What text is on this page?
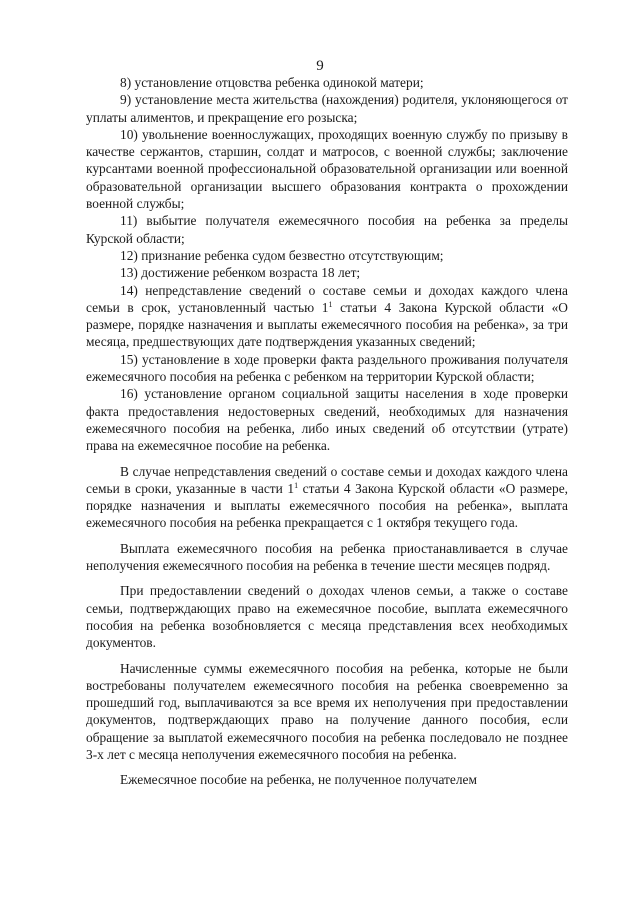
9

8) установление отцовства ребенка одинокой матери;

9) установление места жительства (нахождения) родителя, уклоняющегося от уплаты алиментов, и прекращение его розыска;

10) увольнение военнослужащих, проходящих военную службу по призыву в качестве сержантов, старшин, солдат и матросов, с военной службы; заключение курсантами военной профессиональной образовательной организации или военной образовательной организации высшего образования контракта о прохождении военной службы;

11) выбытие получателя ежемесячного пособия на ребенка за пределы Курской области;

12) признание ребенка судом безвестно отсутствующим;

13) достижение ребенком возраста 18 лет;

14) непредставление сведений о составе семьи и доходах каждого члена семьи в срок, установленный частью $1^1$ статьи 4 Закона Курской области «О размере, порядке назначения и выплаты ежемесячного пособия на ребенка», за три месяца, предшествующих дате подтверждения указанных сведений;

15) установление в ходе проверки факта раздельного проживания получателя ежемесячного пособия на ребенка с ребенком на территории Курской области;

16) установление органом социальной защиты населения в ходе проверки факта предоставления недостоверных сведений, необходимых для назначения ежемесячного пособия на ребенка, либо иных сведений об отсутствии (утрате) права на ежемесячное пособие на ребенка.

В случае непредставления сведений о составе семьи и доходах каждого члена семьи в сроки, указанные в части $1^1$ статьи 4 Закона Курской области «О размере, порядке назначения и выплаты ежемесячного пособия на ребенка», выплата ежемесячного пособия на ребенка прекращается с 1 октября текущего года.

Выплата ежемесячного пособия на ребенка приостанавливается в случае неполучения ежемесячного пособия на ребенка в течение шести месяцев подряд.

При предоставлении сведений о доходах членов семьи, а также о составе семьи, подтверждающих право на ежемесячное пособие, выплата ежемесячного пособия на ребенка возобновляется с месяца представления всех необходимых документов.

Начисленные суммы ежемесячного пособия на ребенка, которые не были востребованы получателем ежемесячного пособия на ребенка своевременно за прошедший год, выплачиваются за все время их неполучения при предоставлении документов, подтверждающих право на получение данного пособия, если обращение за выплатой ежемесячного пособия на ребенка последовало не позднее 3-х лет с месяца неполучения ежемесячного пособия на ребенка.

Ежемесячное пособие на ребенка, не полученное получателем
